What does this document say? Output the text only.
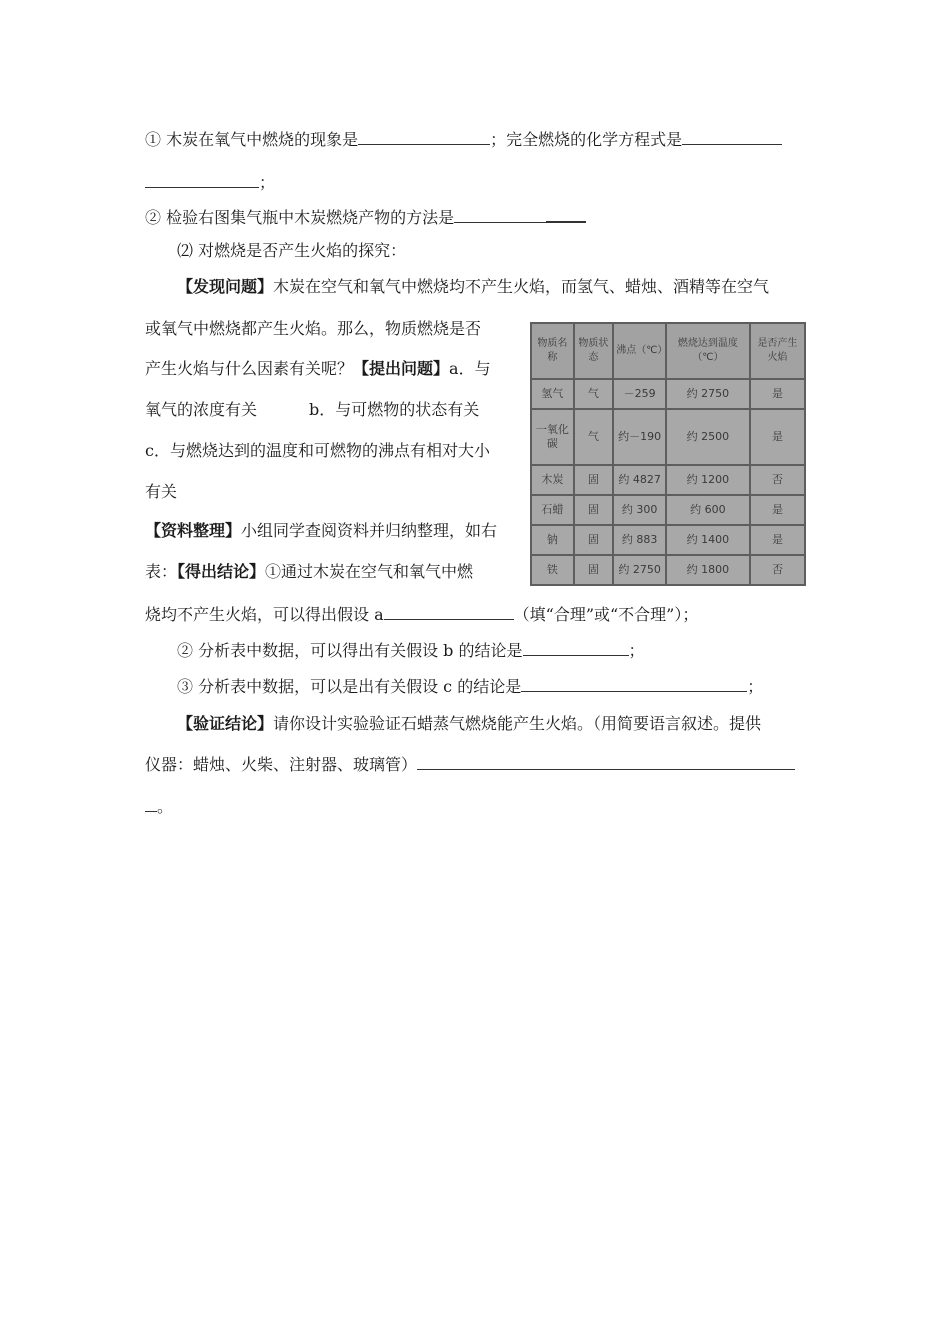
① 木炭在氧气中燃烧的现象是	；完全燃烧的化学方程式是
；
② 检验右图集气瓶中木炭燃烧产物的方法是
⑵ 对燃烧是否产生火焰的探究：
【发现问题】木炭在空气和氧气中燃烧均不产生火焰，而氢气、蜡烛、酒精等在空气
或氧气中燃烧都产生火焰。那么，物质燃烧是否
产生火焰与什么因素有关呢？【提出问题】a．与
氧气的浓度有关	b．与可燃物的状态有关
c．与燃烧达到的温度和可燃物的沸点有相对大小
有关
【资料整理】小组同学查阅资料并归纳整理，如右
表：【得出结论】①通过木炭在空气和氧气中燃
烧均不产生火焰，可以得出假设 a	（填“合理”或“不合理”）；
② 分析表中数据，可以得出有关假设 b 的结论是	；
③ 分析表中数据，可以是出有关假设 c 的结论是	；
【验证结论】请你设计实验验证石蜡蒸气燃烧能产生火焰。（用简要语言叙述。提供
仪器：蜡烛、火柴、注射器、玻璃管）
。
物质名称	物质状态	沸点（℃）	燃烧达到温度（℃）	是否产生火焰
氢气	气	－259	约 2750	是
一氧化碳	气	约－190	约 2500	是
木炭	固	约 4827	约 1200	否
石蜡	固	约 300	约 600	是
钠	固	约 883	约 1400	是
铁	固	约 2750	约 1800	否
